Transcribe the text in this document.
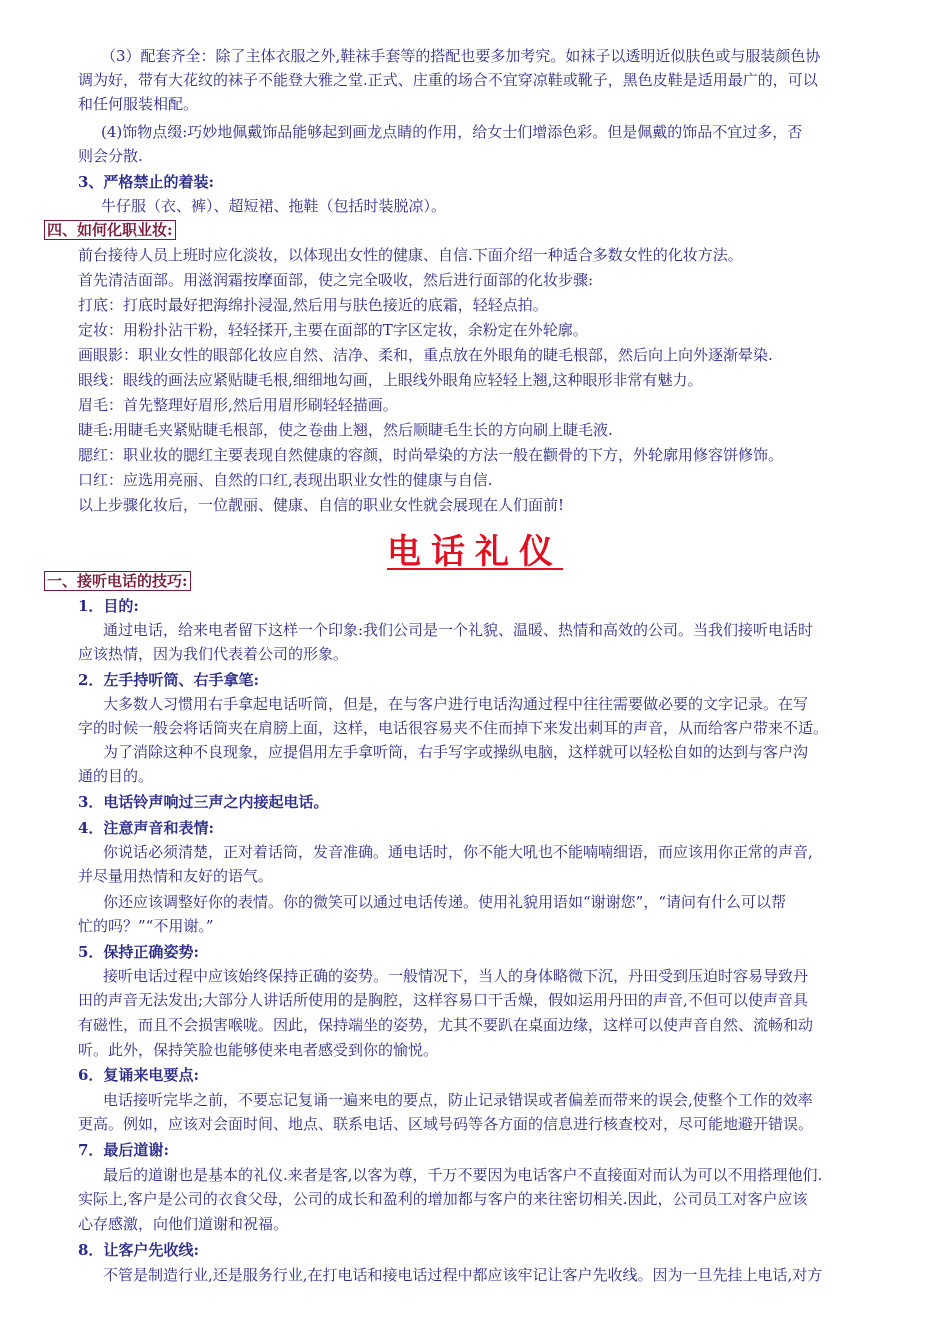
（3）配套齐全：除了主体衣服之外,鞋袜手套等的搭配也要多加考究。如袜子以透明近似肤色或与服装颜色协
调为好，带有大花纹的袜子不能登大雅之堂.正式、庄重的场合不宜穿凉鞋或靴子，黑色皮鞋是适用最广的，可以
和任何服装相配。
(4)饰物点缀:巧妙地佩戴饰品能够起到画龙点睛的作用，给女士们增添色彩。但是佩戴的饰品不宜过多，否
则会分散.
3、严格禁止的着装:
牛仔服（衣、裤）、超短裙、拖鞋（包括时装脱凉）。
四、如何化职业妆:
前台接待人员上班时应化淡妆，以体现出女性的健康、自信.下面介绍一种适合多数女性的化妆方法。
首先清洁面部。用滋润霜按摩面部，使之完全吸收，然后进行面部的化妆步骤:
打底：打底时最好把海绵扑浸湿,然后用与肤色接近的底霜，轻轻点拍。
定妆：用粉扑沾干粉，轻轻揉开,主要在面部的T字区定妆，余粉定在外轮廓。
画眼影：职业女性的眼部化妆应自然、洁净、柔和，重点放在外眼角的睫毛根部，然后向上向外逐渐晕染.
眼线：眼线的画法应紧贴睫毛根,细细地勾画，上眼线外眼角应轻轻上翘,这种眼形非常有魅力。
眉毛：首先整理好眉形,然后用眉形刷轻轻描画。
睫毛:用睫毛夹紧贴睫毛根部，使之卷曲上翘，然后顺睫毛生长的方向刷上睫毛液.
腮红：职业妆的腮红主要表现自然健康的容颜，时尚晕染的方法一般在颧骨的下方，外轮廓用修容饼修饰。
口红：应选用亮丽、自然的口红,表现出职业女性的健康与自信.
以上步骤化妆后，一位靓丽、健康、自信的职业女性就会展现在人们面前!
电话礼仪
一、接听电话的技巧:
1．目的:
通过电话，给来电者留下这样一个印象:我们公司是一个礼貌、温暖、热情和高效的公司。当我们接听电话时
应该热情，因为我们代表着公司的形象。
2．左手持听筒、右手拿笔:
大多数人习惯用右手拿起电话听筒，但是，在与客户进行电话沟通过程中往往需要做必要的文字记录。在写
字的时候一般会将话筒夹在肩膀上面，这样，电话很容易夹不住而掉下来发出刺耳的声音，从而给客户带来不适。
为了消除这种不良现象，应提倡用左手拿听筒，右手写字或操纵电脑，这样就可以轻松自如的达到与客户沟
通的目的。
3．电话铃声响过三声之内接起电话。
4．注意声音和表情:
你说话必须清楚，正对着话筒，发音准确。通电话时，你不能大吼也不能喃喃细语，而应该用你正常的声音,
并尽量用热情和友好的语气。
你还应该调整好你的表情。你的微笑可以通过电话传递。使用礼貌用语如“谢谢您”，“请问有什么可以帮
忙的吗？”“不用谢。”
5．保持正确姿势:
接听电话过程中应该始终保持正确的姿势。一般情况下，当人的身体略微下沉，丹田受到压迫时容易导致丹
田的声音无法发出;大部分人讲话所使用的是胸腔，这样容易口干舌燥，假如运用丹田的声音,不但可以使声音具
有磁性，而且不会损害喉咙。因此，保持端坐的姿势，尤其不要趴在桌面边缘，这样可以使声音自然、流畅和动
听。此外，保持笑脸也能够使来电者感受到你的愉悦。
6．复诵来电要点:
电话接听完毕之前，不要忘记复诵一遍来电的要点，防止记录错误或者偏差而带来的误会,使整个工作的效率
更高。例如，应该对会面时间、地点、联系电话、区域号码等各方面的信息进行核查校对，尽可能地避开错误。
7．最后道谢:
最后的道谢也是基本的礼仪.来者是客,以客为尊，千万不要因为电话客户不直接面对而认为可以不用搭理他们.
实际上,客户是公司的衣食父母，公司的成长和盈利的增加都与客户的来往密切相关.因此，公司员工对客户应该
心存感激，向他们道谢和祝福。
8．让客户先收线:
不管是制造行业,还是服务行业,在打电话和接电话过程中都应该牢记让客户先收线。因为一旦先挂上电话,对方
